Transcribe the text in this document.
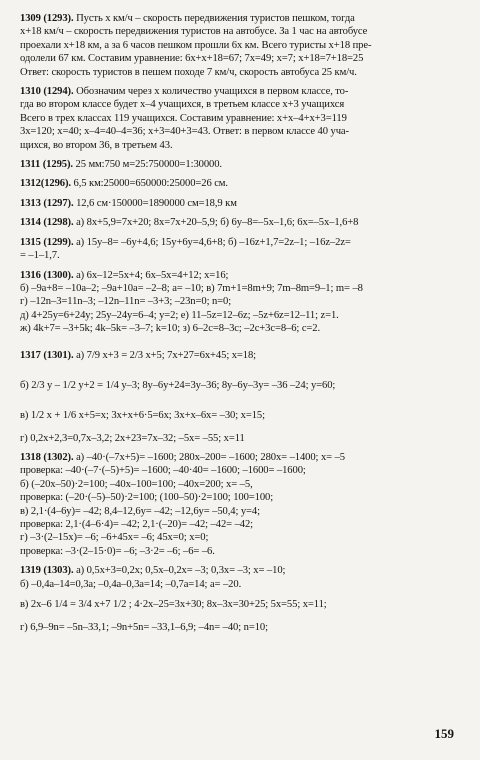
1309 (1293). Пусть x км/ч – скорость передвижения туристов пешком, тогда
x+18 км/ч – скорость передвижения туристов на автобусе. За 1 час на автобусе
проехали x+18 км, а за 6 часов пешком прошли 6x км. Всего туристы x+18 пре-
одолели 67 км. Составим уравнение: 6x+x+18=67; 7x=49; x=7; x+18=7+18=25
Ответ: скорость туристов в пешем походе 7 км/ч, скорость автобуса 25 км/ч.
1310 (1294). Обозначим через x количество учащихся в первом классе, то-
гда во втором классе будет x–4 учащихся, в третьем классе x+3 учащихся
Всего в трех классах 119 учащихся. Составим уравнение: x+x–4+x+3=119
3x=120; x=40; x–4=40–4=36; x+3=40+3=43. Ответ: в первом классе 40 уча-
щихся, во втором 36, в третьем 43.
1311 (1295). 25 мм:750 м=25:750000=1:30000.
1312(1296). 6,5 км:25000=650000:25000=26 см.
1313 (1297). 12,6 см·150000=1890000 см=18,9 км
1314 (1298). а) 8x+5,9=7x+20; 8x=7x+20–5,9; б) 6y–8=–5x–1,6; 6x=–5x–1,6+8
1315 (1299). а) 15y–8= –6y+4,6; 15y+6y=4,6+8; б) –16z+1,7=2z–1; –16z–2z=
= –1–1,7.
1316 (1300). а) 6x–12=5x+4; 6x–5x=4+12; x=16;
б) –9a+8= –10a–2; –9a+10a= –2–8; a= –10; в) 7m+1=8m+9; 7m–8m=9–1; m= –8
г) –12n–3=11n–3; –12n–11n= –3+3; –23n=0; n=0;
д) 4+25y=6+24y; 25y–24y=6–4; y=2; е) 11–5z=12–6z; –5z+6z=12–11; z=1.
ж) 4k+7= –3+5k; 4k–5k= –3–7; k=10; з) 6–2c=8–3c; –2c+3c=8–6; c=2.
1317 (1301). а) 7/9 x+3 = 2/3 x+5; 7x+27=6x+45; x=18;
б) 2/3 y – 1/2 y+2 = 1/4 y–3; 8y–6y+24=3y–36; 8y–6y–3y= –36 –24; y=60;
в) 1/2 x + 1/6 x+5=x; 3x+x+6·5=6x; 3x+x–6x= –30; x=15;
г) 0,2x+2,3=0,7x–3,2; 2x+23=7x–32; –5x= –55; x=11
1318 (1302). а) –40·(–7x+5)= –1600; 280x–200= –1600; 280x= –1400; x= –5
проверка: –40·(–7·(–5)+5)= –1600; –40·40= –1600; –1600= –1600;
б) (–20x–50)·2=100; –40x–100=100; –40x=200; x= –5,
проверка: (–20·(–5)–50)·2=100; (100–50)·2=100; 100=100;
в) 2,1·(4–6y)= –42; 8,4–12,6y= –42; –12,6y= –50,4; y=4;
проверка: 2,1·(4–6·4)= –42; 2,1·(–20)= –42; –42= –42;
г) –3·(2–15x)= –6; –6+45x= –6; 45x=0; x=0;
проверка: –3·(2–15·0)= –6; –3·2= –6; –6= –6.
1319 (1303). а) 0,5x+3=0,2x; 0,5x–0,2x= –3; 0,3x= –3; x= –10;
б) –0,4a–14=0,3a; –0,4a–0,3a=14; –0,7a=14; a= –20.
в) 2x–6 1/4 = 3/4 x+7 1/2 ; 4·2x–25=3x+30; 8x–3x=30+25; 5x=55; x=11;
г) 6,9–9n= –5n–33,1; –9n+5n= –33,1–6,9; –4n= –40; n=10;
159
